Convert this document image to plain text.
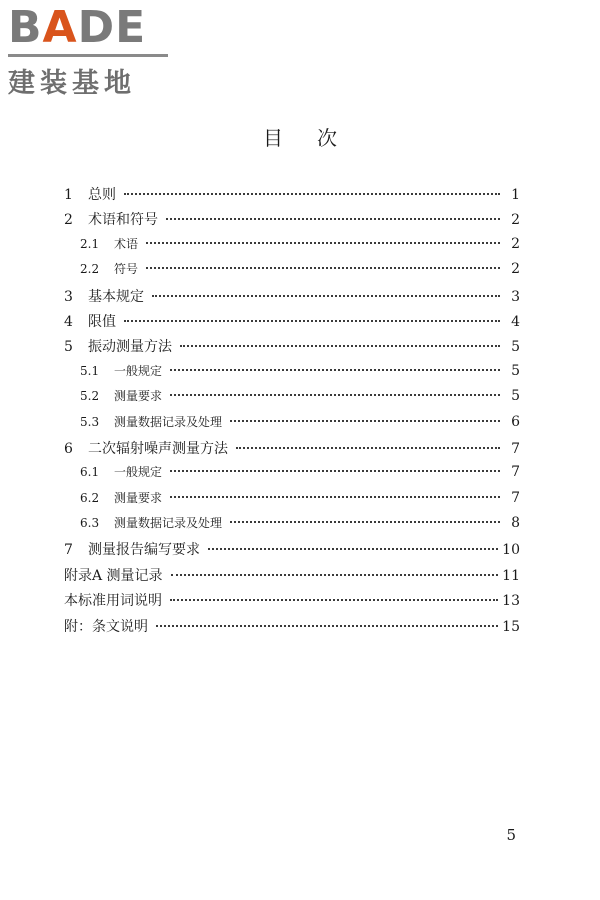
B A D E
建装基地
目次
1	总则	1
2	术语和符号	2
2.1	术语	2
2.2	符号	2
3	基本规定	3
4	限值	4
5	振动测量方法	5
5.1	一般规定	5
5.2	测量要求	5
5.3	测量数据记录及处理	6
6	二次辐射噪声测量方法	7
6.1	一般规定	7
6.2	测量要求	7
6.3	测量数据记录及处理	8
7	测量报告编写要求	10
附录A 测量记录	11
本标准用词说明	13
附：条文说明	15
5
